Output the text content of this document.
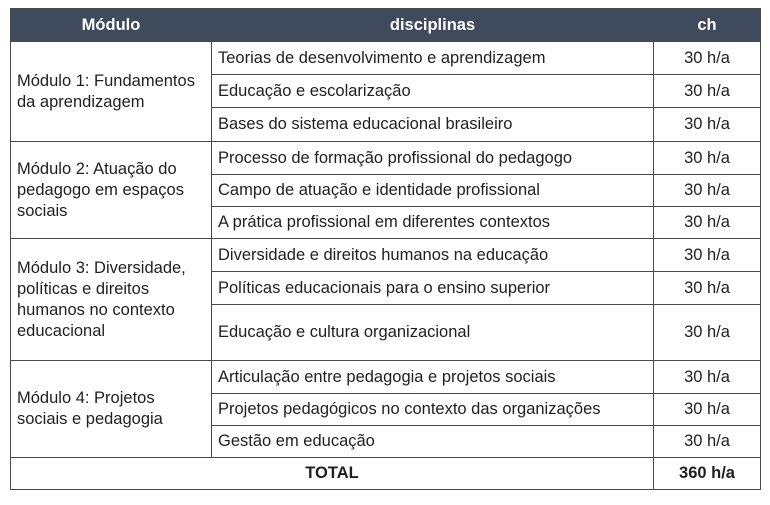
Módulo	disciplinas	ch
Módulo 1: Fundamentos da aprendizagem	Teorias de desenvolvimento e aprendizagem	30 h/a
	Educação e escolarização	30 h/a
	Bases do sistema educacional brasileiro	30 h/a
Módulo 2: Atuação do pedagogo em espaços sociais	Processo de formação profissional do pedagogo	30 h/a
	Campo de atuação e identidade profissional	30 h/a
	A prática profissional em diferentes contextos	30 h/a
Módulo 3: Diversidade, políticas e direitos humanos no contexto educacional	Diversidade e direitos humanos na educação	30 h/a
	Políticas educacionais para o ensino superior	30 h/a
	Educação e cultura organizacional	30 h/a
Módulo 4: Projetos sociais e pedagogia	Articulação entre pedagogia e projetos sociais	30 h/a
	Projetos pedagógicos no contexto das organizações	30 h/a
	Gestão em educação	30 h/a
TOTAL		360 h/a
